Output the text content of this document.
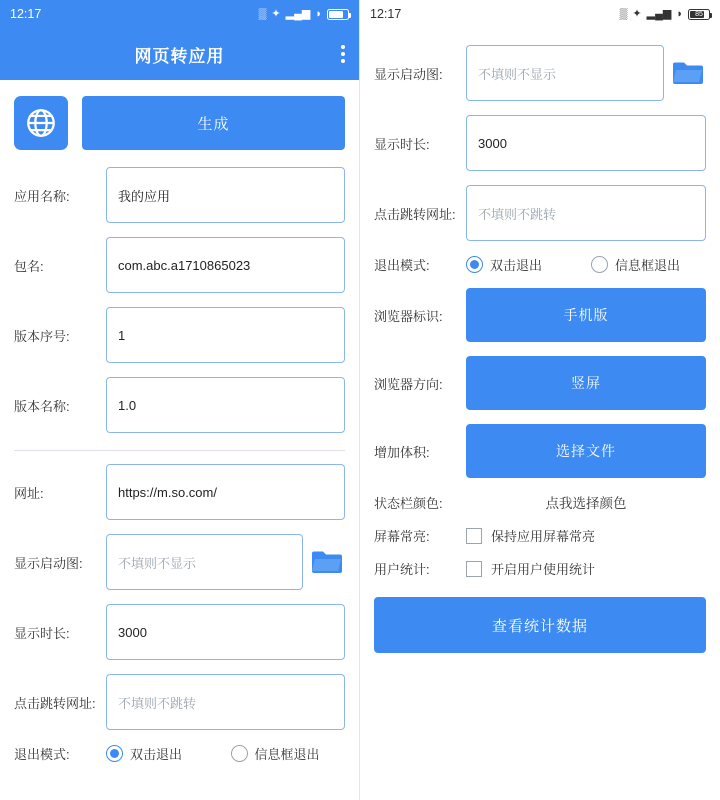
12:17	▒ ✦ ▂▄▆ ◗	25
网页转应用
生成
应用名称:	我的应用
包名:	com.abc.a1710865023
版本序号:	1
版本名称:	1.0
网址:	https://m.so.com/
显示启动图:	不填则不显示
显示时长:	3000
点击跳转网址:	不填则不跳转
退出模式:	双击退出	信息框退出
12:17	▒ ✦ ▂▄▆ ◗	85
显示启动图:	不填则不显示
显示时长:	3000
点击跳转网址:	不填则不跳转
退出模式:	双击退出	信息框退出
浏览器标识:	手机版
浏览器方向:	竖屏
增加体积:	选择文件
状态栏颜色:	点我选择颜色
屏幕常亮:	保持应用屏幕常亮
用户统计:	开启用户使用统计
查看统计数据
